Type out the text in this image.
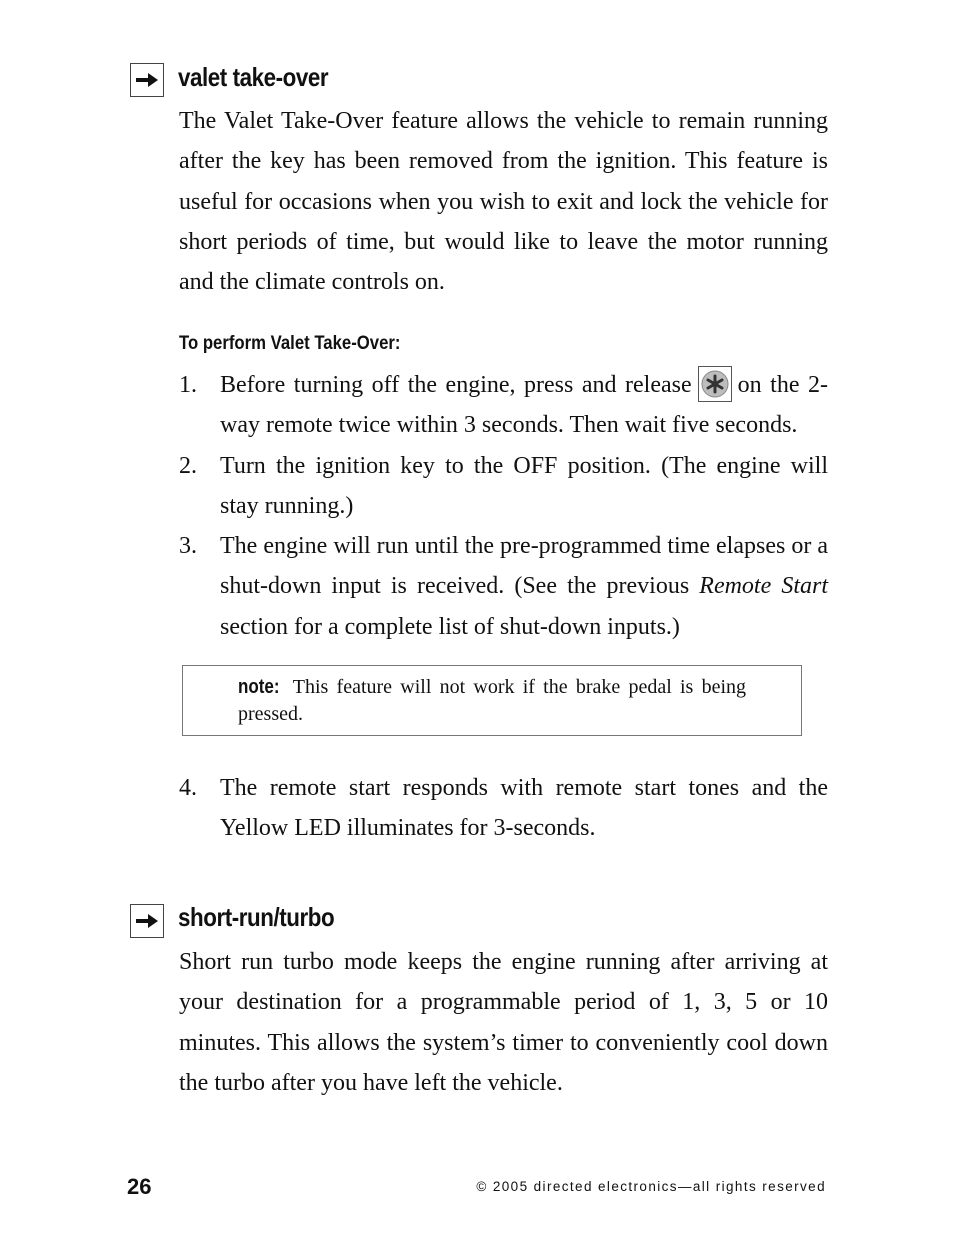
valet take-over

The Valet Take-Over feature allows the vehicle to remain running after the key has been removed from the ignition. This feature is useful for occasions when you wish to exit and lock the vehicle for short periods of time, but would like to leave the motor running and the climate controls on.

To perform Valet Take-Over:
1. Before turning off the engine, press and release on the 2-way remote twice within 3 seconds. Then wait five seconds.
2. Turn the ignition key to the OFF position. (The engine will stay running.)
3. The engine will run until the pre-programmed time elapses or a shut-down input is received. (See the previous Remote Start section for a complete list of shut-down inputs.)
note: This feature will not work if the brake pedal is being pressed.
4. The remote start responds with remote start tones and the Yellow LED illuminates for 3-seconds.
short-run/turbo

Short run turbo mode keeps the engine running after arriving at your destination for a programmable period of 1, 3, 5 or 10 minutes. This allows the system’s timer to conveniently cool down the turbo after you have left the vehicle.

26	© 2005 directed electronics—all rights reserved
